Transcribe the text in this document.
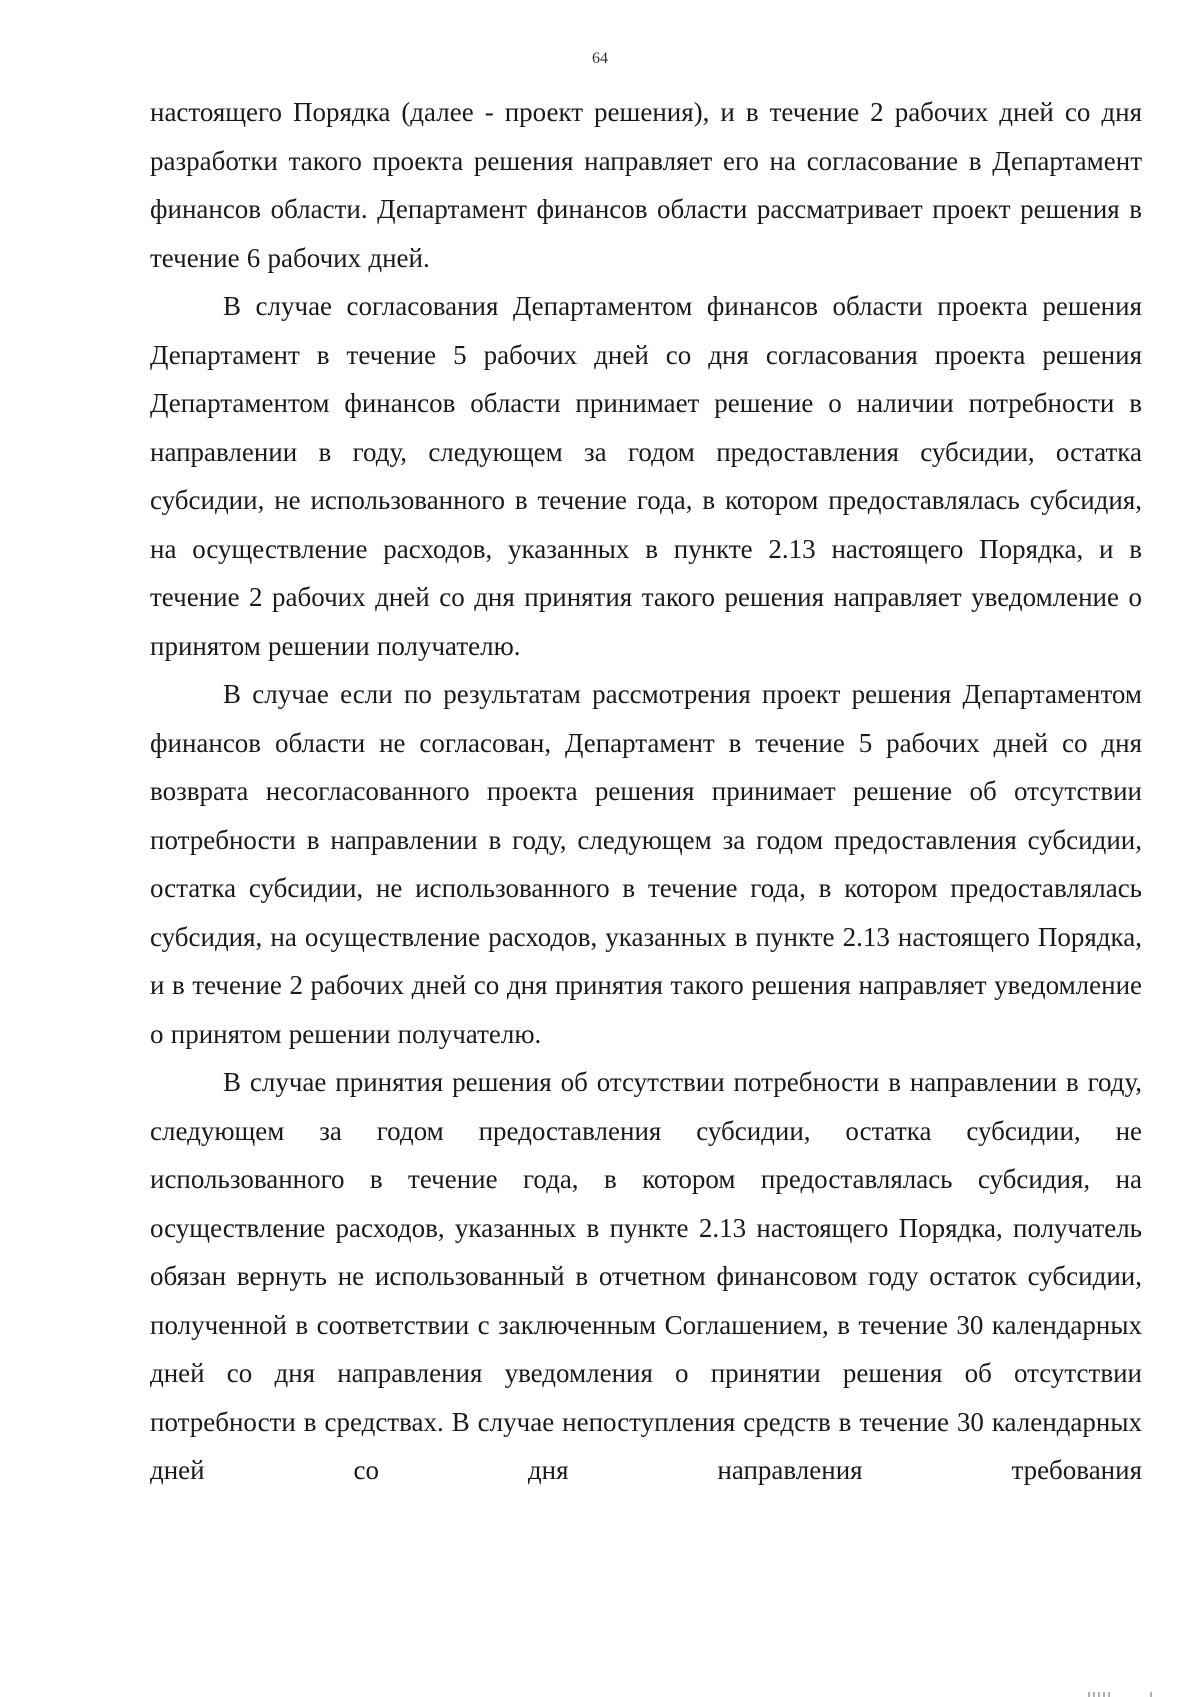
64

настоящего Порядка (далее - проект решения), и в течение 2 рабочих дней со дня разработки такого проекта решения направляет его на согласование в Департамент финансов области. Департамент финансов области рассматривает проект решения в течение 6 рабочих дней.

В случае согласования Департаментом финансов области проекта решения Департамент в течение 5 рабочих дней со дня согласования проекта решения Департаментом финансов области принимает решение о наличии потребности в направлении в году, следующем за годом предоставления субсидии, остатка субсидии, не использованного в течение года, в котором предоставлялась субсидия, на осуществление расходов, указанных в пункте 2.13 настоящего Порядка, и в течение 2 рабочих дней со дня принятия такого решения направляет уведомление о принятом решении получателю.

В случае если по результатам рассмотрения проект решения Департаментом финансов области не согласован, Департамент в течение 5 рабочих дней со дня возврата несогласованного проекта решения принимает решение об отсутствии потребности в направлении в году, следующем за годом предоставления субсидии, остатка субсидии, не использованного в течение года, в котором предоставлялась субсидия, на осуществление расходов, указанных в пункте 2.13 настоящего Порядка, и в течение 2 рабочих дней со дня принятия такого решения направляет уведомление о принятом решении получателю.

В случае принятия решения об отсутствии потребности в направлении в году, следующем за годом предоставления субсидии, остатка субсидии, не использованного в течение года, в котором предоставлялась субсидия, на осуществление расходов, указанных в пункте 2.13 настоящего Порядка, получатель обязан вернуть не использованный в отчетном финансовом году остаток субсидии, полученной в соответствии с заключенным Соглашением, в течение 30 календарных дней со дня направления уведомления о принятии решения об отсутствии потребности в средствах. В случае непоступления средств в течение 30 календарных дней со дня направления требования
